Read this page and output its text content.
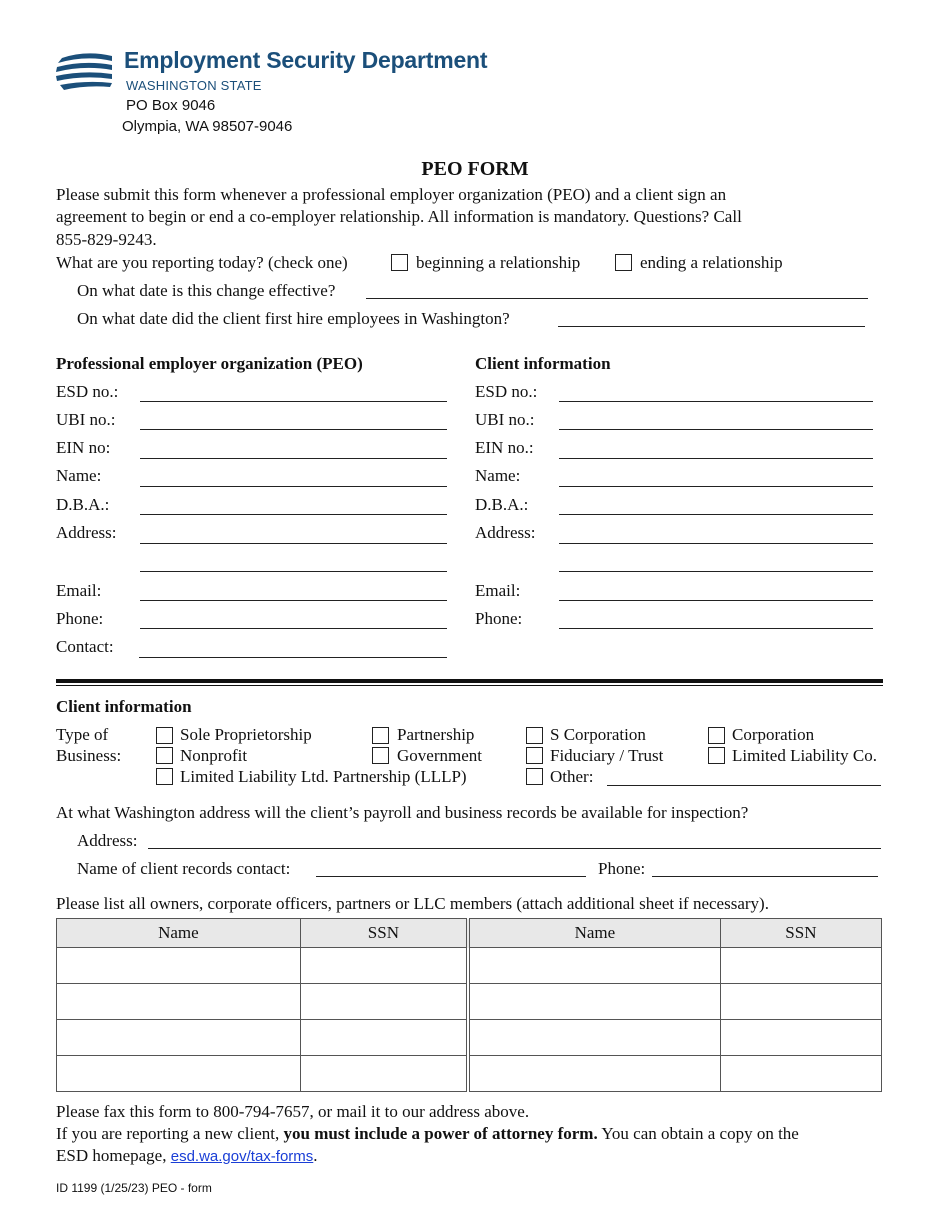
Employment Security Department
WASHINGTON STATE
PO Box 9046
Olympia, WA 98507-9046
PEO FORM
Please submit this form whenever a professional employer organization (PEO) and a client sign an
agreement to begin or end a co-employer relationship. All information is mandatory. Questions? Call
855-829-9243.
What are you reporting today? (check one)	beginning a relationship	ending a relationship
On what date is this change effective?
On what date did the client first hire employees in Washington?
Professional employer organization (PEO)
ESD no.:
UBI no.:
EIN no:
Name:
D.B.A.:
Address:
Email:
Phone:
Contact:
Client information
ESD no.:
UBI no.:
EIN no.:
Name:
D.B.A.:
Address:
Email:
Phone:
Client information
Type of
Business:
Sole Proprietorship	Partnership	S Corporation	Corporation
Nonprofit	Government	Fiduciary / Trust	Limited Liability Co.
Limited Liability Ltd. Partnership (LLLP)	Other:
At what Washington address will the client’s payroll and business records be available for inspection?
Address:
Name of client records contact:	Phone:
Please list all owners, corporate officers, partners or LLC members (attach additional sheet if necessary).
Name	SSN	Name	SSN

Please fax this form to 800-794-7657, or mail it to our address above.
If you are reporting a new client, you must include a power of attorney form. You can obtain a copy on the
ESD homepage, esd.wa.gov/tax-forms.
ID 1199 (1/25/23) PEO - form
